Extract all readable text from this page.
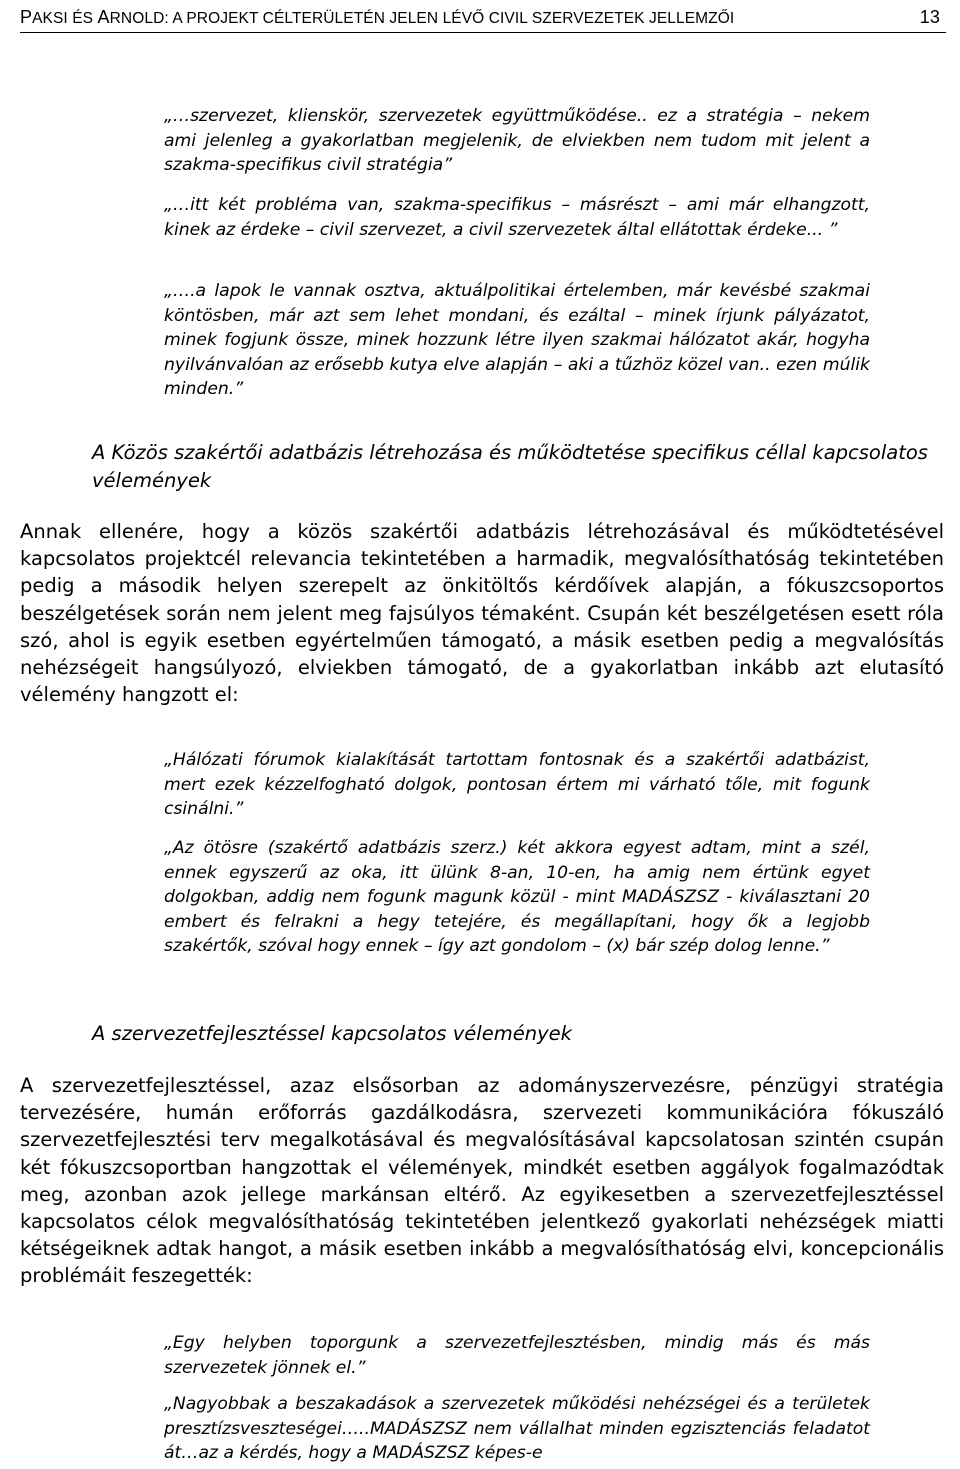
PAKSI ÉS ARNOLD: A PROJEKT CÉLTERÜLETÉN JELEN LÉVŐ CIVIL SZERVEZETEK JELLEMZŐI	13
„…szervezet, klienskör, szervezetek együttműködése.. ez a stratégia – nekem ami jelenleg a gyakorlatban megjelenik, de elviekben nem tudom mit jelent a szakma-specifikus civil stratégia”
„…itt két probléma van, szakma-specifikus – másrészt – ami már elhangzott, kinek az érdeke – civil szervezet, a civil szervezetek által ellátottak érdeke... ”
„….a lapok le vannak osztva, aktuálpolitikai értelemben, már kevésbé szakmai köntösben, már azt sem lehet mondani, és ezáltal – minek írjunk pályázatot, minek fogjunk össze, minek hozzunk létre ilyen szakmai hálózatot akár, hogyha nyilvánvalóan az erősebb kutya elve alapján – aki a tűzhöz közel van.. ezen múlik minden.”
A Közös szakértői adatbázis létrehozása és működtetése specifikus céllal kapcsolatos vélemények
Annak ellenére, hogy a közös szakértői adatbázis létrehozásával és működtetésével kapcsolatos projektcél relevancia tekintetében a harmadik, megvalósíthatóság tekintetében pedig a második helyen szerepelt az önkitöltős kérdőívek alapján, a fókuszcsoportos beszélgetések során nem jelent meg fajsúlyos témaként. Csupán két beszélgetésen esett róla szó, ahol is egyik esetben egyértelműen támogató, a másik esetben pedig a megvalósítás nehézségeit hangsúlyozó, elviekben támogató, de a gyakorlatban inkább azt elutasító vélemény hangzott el:
„Hálózati fórumok kialakítását tartottam fontosnak és a szakértői adatbázist, mert ezek kézzelfogható dolgok, pontosan értem mi várható tőle, mit fogunk csinálni.”
„Az ötösre (szakértő adatbázis szerz.) két akkora egyest adtam, mint a szél, ennek egyszerű az oka, itt ülünk 8-an, 10-en, ha amig nem értünk egyet dolgokban, addig nem fogunk magunk közül - mint MADÁSZSZ - kiválasztani 20 embert és felrakni a hegy tetejére, és megállapítani, hogy ők a legjobb szakértők, szóval hogy ennek – így azt gondolom – (x) bár szép dolog lenne.”
A szervezetfejlesztéssel kapcsolatos vélemények
A szervezetfejlesztéssel, azaz elsősorban az adományszervezésre, pénzügyi stratégia tervezésére, humán erőforrás gazdálkodásra, szervezeti kommunikációra fókuszáló szervezetfejlesztési terv megalkotásával és megvalósításával kapcsolatosan szintén csupán két fókuszcsoportban hangzottak el vélemények, mindkét esetben aggályok fogalmazódtak meg, azonban azok jellege markánsan eltérő. Az egyikesetben a szervezetfejlesztéssel kapcsolatos célok megvalósíthatóság tekintetében jelentkező gyakorlati nehézségek miatti kétségeiknek adtak hangot, a másik esetben inkább a megvalósíthatóság elvi, koncepcionális problémáit feszegették:
„Egy helyben toporgunk a szervezetfejlesztésben, mindig más és más szervezetek jönnek el.”
„Nagyobbak a beszakadások a szervezetek működési nehézségei és a területek presztízsveszteségei…..MADÁSZSZ nem vállalhat minden egzisztenciás feladatot át…az a kérdés, hogy a MADÁSZSZ képes-e
